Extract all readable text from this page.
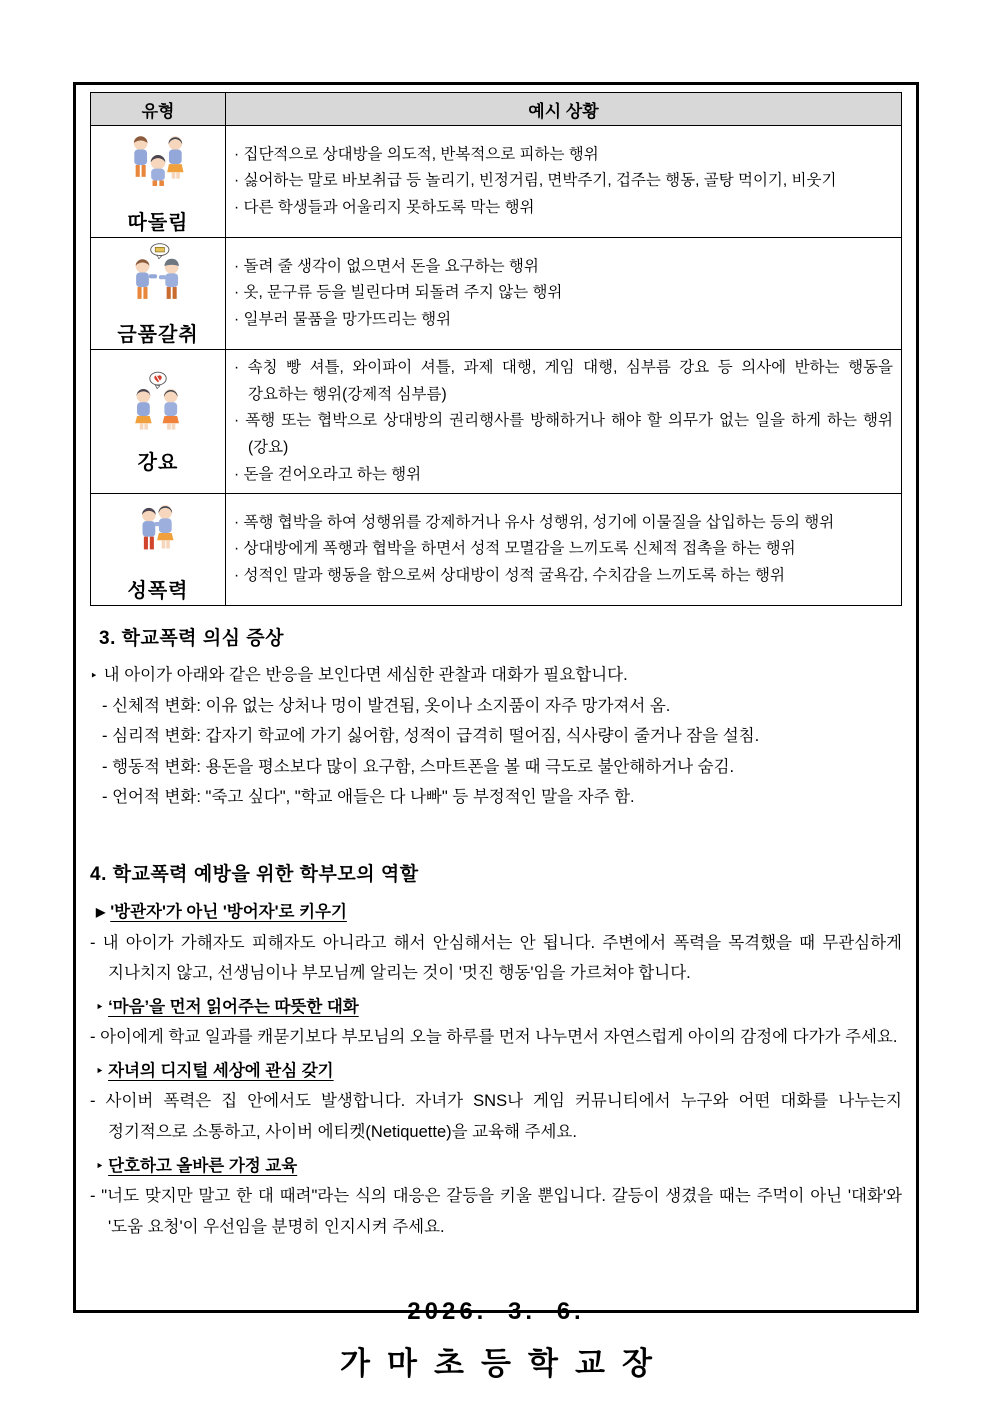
유형	예시 상황

따돌림	· 집단적으로 상대방을 의도적, 반복적으로 피하는 행위
· 싫어하는 말로 바보취급 등 놀리기, 빈정거림, 면박주기, 겁주는 행동, 골탕 먹이기, 비웃기
· 다른 학생들과 어울리지 못하도록 막는 행위

금품갈취	· 돌려 줄 생각이 없으면서 돈을 요구하는 행위
· 옷, 문구류 등을 빌린다며 되돌려 주지 않는 행위
· 일부러 물품을 망가뜨리는 행위

강요	· 속칭 빵 셔틀, 와이파이 셔틀, 과제 대행, 게임 대행, 심부름 강요 등 의사에 반하는 행동을 강요하는 행위(강제적 심부름)
· 폭행 또는 협박으로 상대방의 권리행사를 방해하거나 해야 할 의무가 없는 일을 하게 하는 행위(강요)
· 돈을 걷어오라고 하는 행위

성폭력	· 폭행 협박을 하여 성행위를 강제하거나 유사 성행위, 성기에 이물질을 삽입하는 등의 행위
· 상대방에게 폭행과 협박을 하면서 성적 모멸감을 느끼도록 신체적 접촉을 하는 행위
· 성적인 말과 행동을 함으로써 상대방이 성적 굴욕감, 수치감을 느끼도록 하는 행위
3. 학교폭력 의심 증상
‣ 내 아이가 아래와 같은 반응을 보인다면 세심한 관찰과 대화가 필요합니다.
- 신체적 변화: 이유 없는 상처나 멍이 발견됨, 옷이나 소지품이 자주 망가져서 옴.
- 심리적 변화: 갑자기 학교에 가기 싫어함, 성적이 급격히 떨어짐, 식사량이 줄거나 잠을 설침.
- 행동적 변화: 용돈을 평소보다 많이 요구함, 스마트폰을 볼 때 극도로 불안해하거나 숨김.
- 언어적 변화: "죽고 싶다", "학교 애들은 다 나빠" 등 부정적인 말을 자주 함.
4. 학교폭력 예방을 위한 학부모의 역할
▶ '방관자'가 아닌 '방어자'로 키우기
- 내 아이가 가해자도 피해자도 아니라고 해서 안심해서는 안 됩니다. 주변에서 폭력을 목격했을 때 무관심하게 지나치지 않고, 선생님이나 부모님께 알리는 것이 '멋진 행동'임을 가르쳐야 합니다.
‣ ‘마음’을 먼저 읽어주는 따뜻한 대화
- 아이에게 학교 일과를 캐묻기보다 부모님의 오늘 하루를 먼저 나누면서 자연스럽게 아이의 감정에 다가가 주세요.
‣ 자녀의 디지털 세상에 관심 갖기
- 사이버 폭력은 집 안에서도 발생합니다. 자녀가 SNS나 게임 커뮤니티에서 누구와 어떤 대화를 나누는지 정기적으로 소통하고, 사이버 에티켓(Netiquette)을 교육해 주세요.
‣ 단호하고 올바른 가정 교육
- "너도 맞지만 말고 한 대 때려"라는 식의 대응은 갈등을 키울 뿐입니다. 갈등이 생겼을 때는 주먹이 아닌 '대화'와 '도움 요청'이 우선임을 분명히 인지시켜 주세요.
2026. 3. 6.
가마초등학교장
